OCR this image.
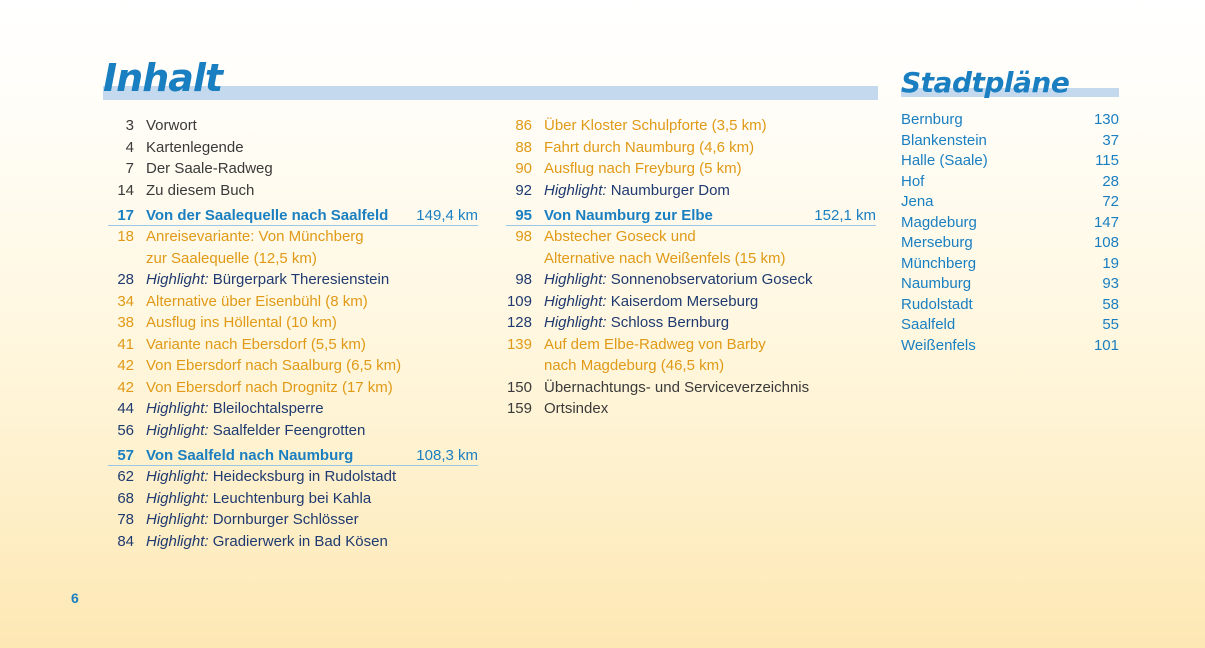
Inhalt	Stadtpläne
3 Vorwort
4 Kartenlegende
7 Der Saale-Radweg
14 Zu diesem Buch
17 Von der Saalequelle nach Saalfeld	149,4 km
18 Anreisevariante: Von Münchberg
zur Saalequelle (12,5 km)
28 Highlight: Bürgerpark Theresienstein
34 Alternative über Eisenbühl (8 km)
38 Ausflug ins Höllental (10 km)
41 Variante nach Ebersdorf (5,5 km)
42 Von Ebersdorf nach Saalburg (6,5 km)
42 Von Ebersdorf nach Drognitz (17 km)
44 Highlight: Bleilochtalsperre
56 Highlight: Saalfelder Feengrotten
57 Von Saalfeld nach Naumburg	108,3 km
62 Highlight: Heidecksburg in Rudolstadt
68 Highlight: Leuchtenburg bei Kahla
78 Highlight: Dornburger Schlösser
84 Highlight: Gradierwerk in Bad Kösen
86 Über Kloster Schulpforte (3,5 km)
88 Fahrt durch Naumburg (4,6 km)
90 Ausflug nach Freyburg (5 km)
92 Highlight: Naumburger Dom
95 Von Naumburg zur Elbe	152,1 km
98 Abstecher Goseck und
Alternative nach Weißenfels (15 km)
98 Highlight: Sonnenobservatorium Goseck
109 Highlight: Kaiserdom Merseburg
128 Highlight: Schloss Bernburg
139 Auf dem Elbe-Radweg von Barby
nach Magdeburg (46,5 km)
150 Übernachtungs- und Serviceverzeichnis
159 Ortsindex
Bernburg	130
Blankenstein	37
Halle (Saale)	115
Hof	28
Jena	72
Magdeburg	147
Merseburg	108
Münchberg	19
Naumburg	93
Rudolstadt	58
Saalfeld	55
Weißenfels	101
6
